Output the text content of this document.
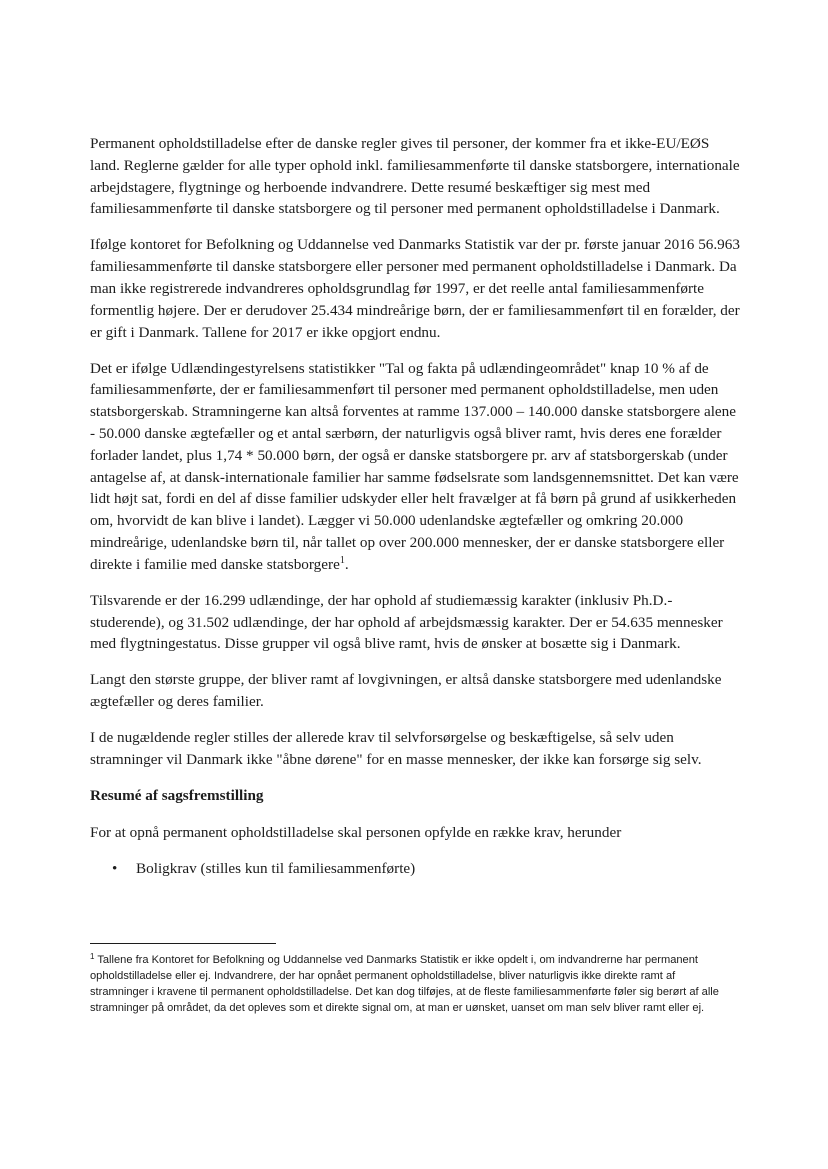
Permanent opholdstilladelse efter de danske regler gives til personer, der kommer fra et ikke-EU/EØS land. Reglerne gælder for alle typer ophold inkl. familiesammenførte til danske statsborgere, internationale arbejdstagere, flygtninge og herboende indvandrere. Dette resumé beskæftiger sig mest med familiesammenførte til danske statsborgere og til personer med permanent opholdstilladelse i Danmark.

Ifølge kontoret for Befolkning og Uddannelse ved Danmarks Statistik var der pr. første januar 2016 56.963 familiesammenførte til danske statsborgere eller personer med permanent opholdstilladelse i Danmark. Da man ikke registrerede indvandreres opholdsgrundlag før 1997, er det reelle antal familiesammenførte formentlig højere. Der er derudover 25.434 mindreårige børn, der er familiesammenført til en forælder, der er gift i Danmark. Tallene for 2017 er ikke opgjort endnu.

Det er ifølge Udlændingestyrelsens statistikker "Tal og fakta på udlændingeområdet" knap 10 % af de familiesammenførte, der er familiesammenført til personer med permanent opholdstilladelse, men uden statsborgerskab. Stramningerne kan altså forventes at ramme 137.000 – 140.000 danske statsborgere alene - 50.000 danske ægtefæller og et antal særbørn, der naturligvis også bliver ramt, hvis deres ene forælder forlader landet, plus 1,74 * 50.000 børn, der også er danske statsborgere pr. arv af statsborgerskab (under antagelse af, at dansk-internationale familier har samme fødselsrate som landsgennemsnittet. Det kan være lidt højt sat, fordi en del af disse familier udskyder eller helt fravælger at få børn på grund af usikkerheden om, hvorvidt de kan blive i landet). Lægger vi 50.000 udenlandske ægtefæller og omkring 20.000 mindreårige, udenlandske børn til, når tallet op over 200.000 mennesker, der er danske statsborgere eller direkte i familie med danske statsborgere$^1$.

Tilsvarende er der 16.299 udlændinge, der har ophold af studiemæssig karakter (inklusiv Ph.D.-studerende), og 31.502 udlændinge, der har ophold af arbejdsmæssig karakter. Der er 54.635 mennesker med flygtningestatus. Disse grupper vil også blive ramt, hvis de ønsker at bosætte sig i Danmark.

Langt den største gruppe, der bliver ramt af lovgivningen, er altså danske statsborgere med udenlandske ægtefæller og deres familier.

I de nugældende regler stilles der allerede krav til selvforsørgelse og beskæftigelse, så selv uden stramninger vil Danmark ikke "åbne dørene" for en masse mennesker, der ikke kan forsørge sig selv.

Resumé af sagsfremstilling

For at opnå permanent opholdstilladelse skal personen opfylde en række krav, herunder

• Boligkrav (stilles kun til familiesammenførte)
$^1$ Tallene fra Kontoret for Befolkning og Uddannelse ved Danmarks Statistik er ikke opdelt i, om indvandrerne har permanent opholdstilladelse eller ej. Indvandrere, der har opnået permanent opholdstilladelse, bliver naturligvis ikke direkte ramt af stramninger i kravene til permanent opholdstilladelse. Det kan dog tilføjes, at de fleste familiesammenførte føler sig berørt af alle stramninger på området, da det opleves som et direkte signal om, at man er uønsket, uanset om man selv bliver ramt eller ej.
